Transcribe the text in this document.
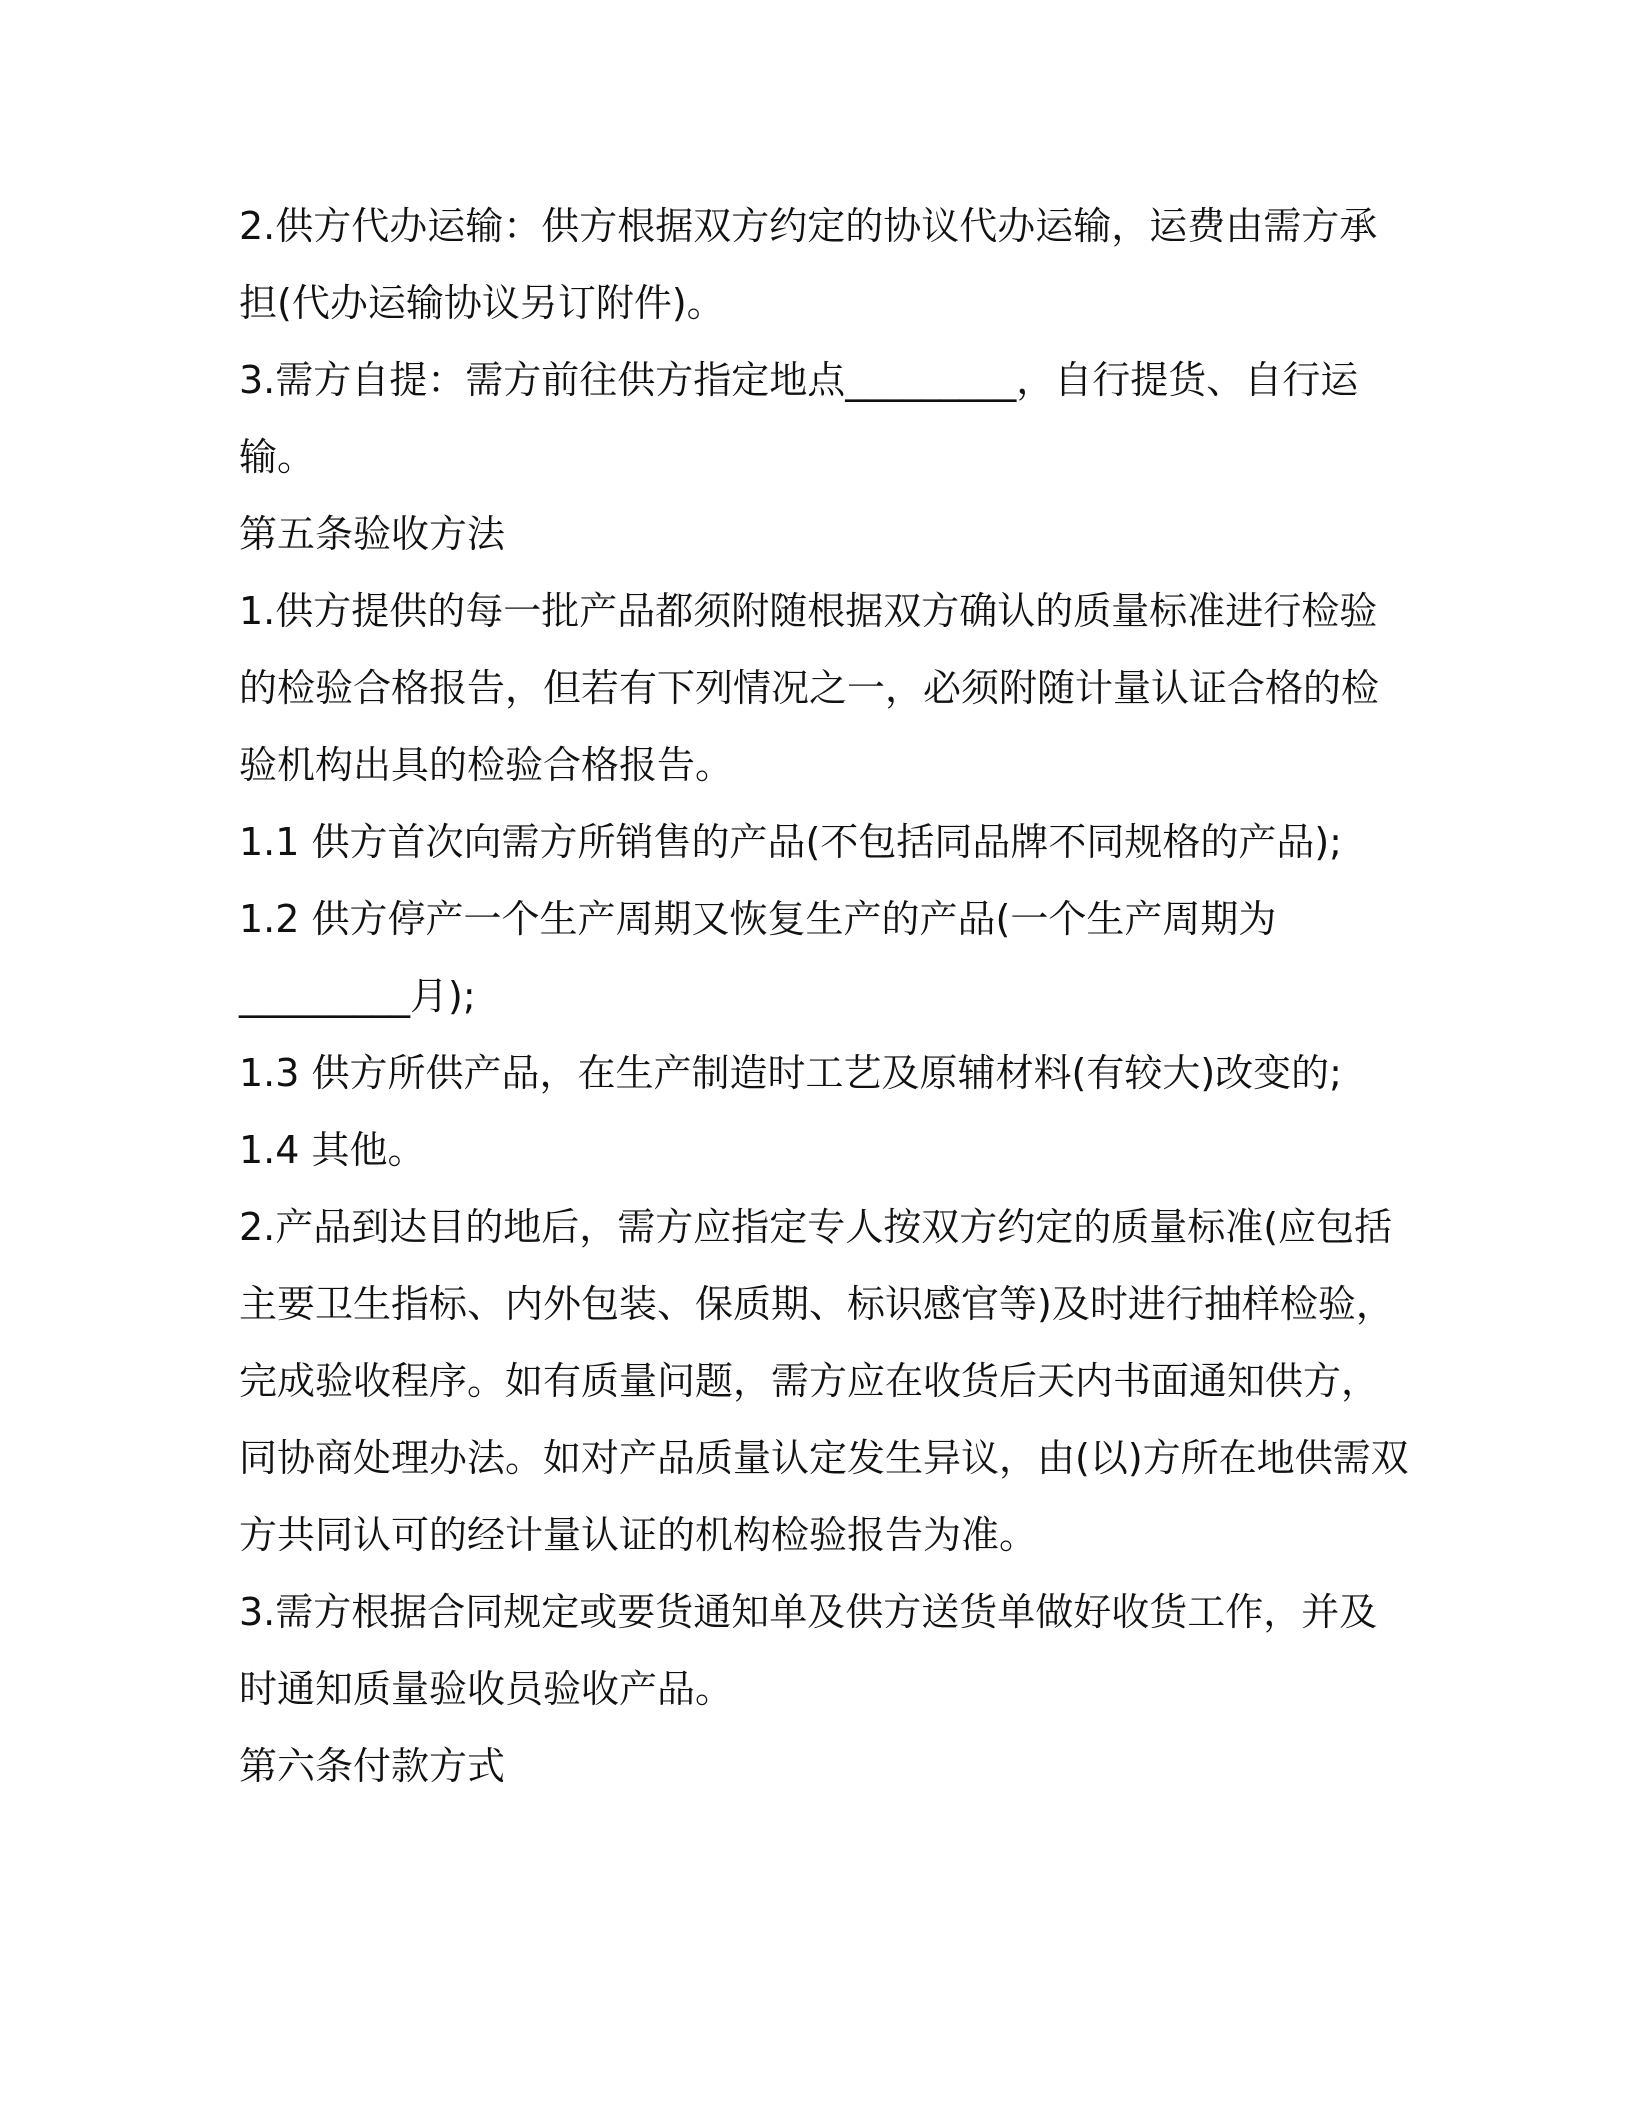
2.供方代办运输：供方根据双方约定的协议代办运输，运费由需方承

担(代办运输协议另订附件)。

3.需方自提：需方前往供方指定地点_________，自行提货、自行运

输。

第五条验收方法

1.供方提供的每一批产品都须附随根据双方确认的质量标准进行检验

的检验合格报告，但若有下列情况之一，必须附随计量认证合格的检

验机构出具的检验合格报告。

1.1 供方首次向需方所销售的产品(不包括同品牌不同规格的产品);

1.2 供方停产一个生产周期又恢复生产的产品(一个生产周期为

_________月);

1.3 供方所供产品，在生产制造时工艺及原辅材料(有较大)改变的;

1.4 其他。

2.产品到达目的地后，需方应指定专人按双方约定的质量标准(应包括

主要卫生指标、内外包装、保质期、标识感官等)及时进行抽样检验，

完成验收程序。如有质量问题，需方应在收货后天内书面通知供方，

同协商处理办法。如对产品质量认定发生异议，由(以)方所在地供需双

方共同认可的经计量认证的机构检验报告为准。

3.需方根据合同规定或要货通知单及供方送货单做好收货工作，并及

时通知质量验收员验收产品。

第六条付款方式
